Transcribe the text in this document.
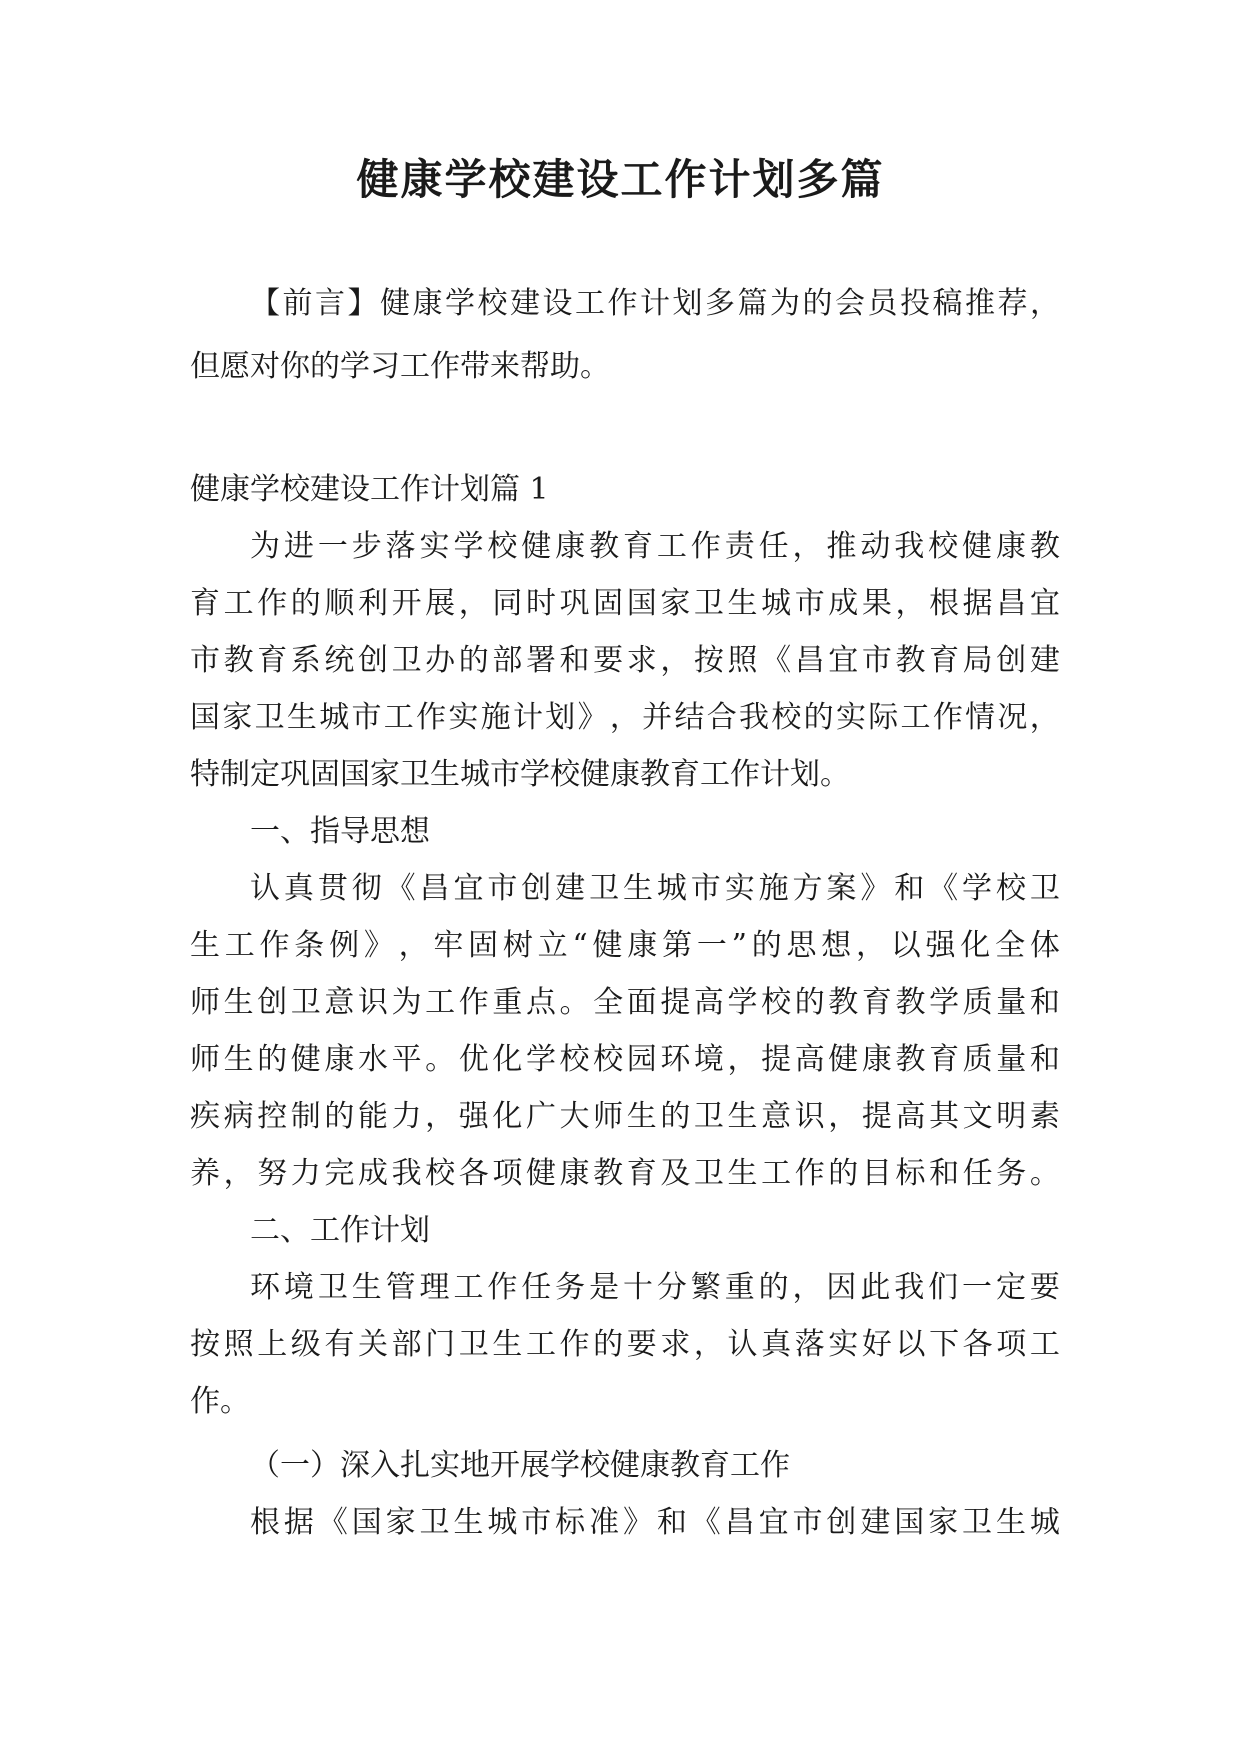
健康学校建设工作计划多篇
【 前 言 】 健 康 学 校 建 设 工 作 计 划 多 篇 为 的 会 员 投 稿 推 荐 ，
但愿对你的学习工作带来帮助。
健康学校建设工作计划篇 1
为 进 一 步 落 实 学 校 健 康 教 育 工 作 责 任 ， 推 动 我 校 健 康 教
育 工 作 的 顺 利 开 展 ， 同 时 巩 固 国 家 卫 生 城 市 成 果 ， 根 据 昌 宜
市 教 育 系 统 创 卫 办 的 部 署 和 要 求 ， 按 照 《 昌 宜 市 教 育 局 创 建
国 家 卫 生 城 市 工 作 实 施 计 划 》 ， 并 结 合 我 校 的 实 际 工 作 情 况 ，
特制定巩固国家卫生城市学校健康教育工作计划。
一、指导思想
认 真 贯 彻 《 昌 宜 市 创 建 卫 生 城 市 实 施 方 案 》 和 《 学 校 卫
生 工 作 条 例 》 ， 牢 固 树 立 “ 健 康 第 一 ” 的 思 想 ， 以 强 化 全 体
师 生 创 卫 意 识 为 工 作 重 点 。 全 面 提 高 学 校 的 教 育 教 学 质 量 和
师 生 的 健 康 水 平 。 优 化 学 校 校 园 环 境 ， 提 高 健 康 教 育 质 量 和
疾 病 控 制 的 能 力 ， 强 化 广 大 师 生 的 卫 生 意 识 ， 提 高 其 文 明 素
养 ， 努 力 完 成 我 校 各 项 健 康 教 育 及 卫 生 工 作 的 目 标 和 任 务 。
二、工作计划
环 境 卫 生 管 理 工 作 任 务 是 十 分 繁 重 的 ， 因 此 我 们 一 定 要
按 照 上 级 有 关 部 门 卫 生 工 作 的 要 求 ， 认 真 落 实 好 以 下 各 项 工
作。
（一）深入扎实地开展学校健康教育工作
根 据 《 国 家 卫 生 城 市 标 准 》 和 《 昌 宜 市 创 建 国 家 卫 生 城
